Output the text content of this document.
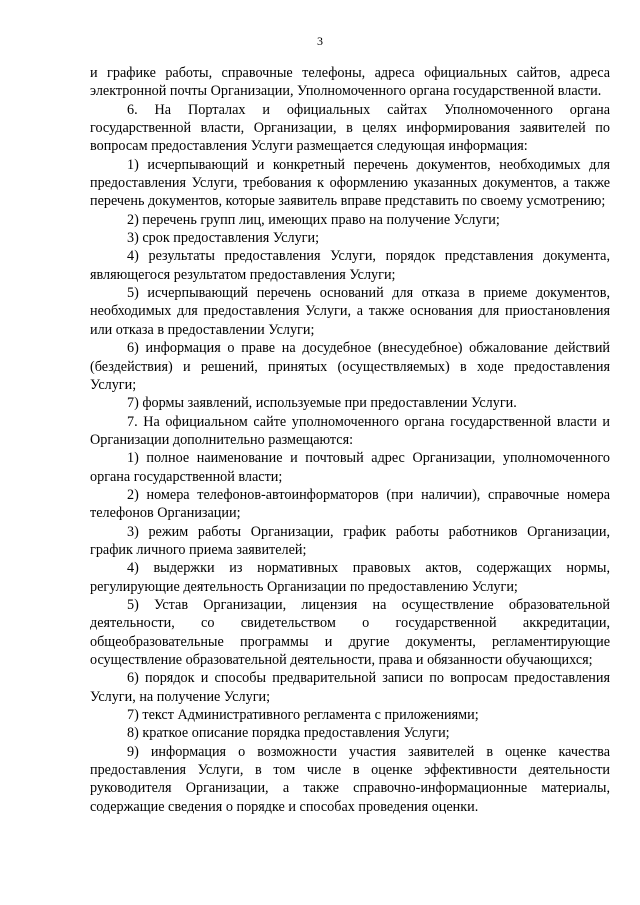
3

и графике работы, справочные телефоны, адреса официальных сайтов, адреса электронной почты Организации, Уполномоченного органа государственной власти.

6. На Порталах и официальных сайтах Уполномоченного органа государственной власти, Организации, в целях информирования заявителей по вопросам предоставления Услуги размещается следующая информация:

1) исчерпывающий и конкретный перечень документов, необходимых для предоставления Услуги, требования к оформлению указанных документов, а также перечень документов, которые заявитель вправе представить по своему усмотрению;

2) перечень групп лиц, имеющих право на получение Услуги;

3) срок предоставления Услуги;

4) результаты предоставления Услуги, порядок представления документа, являющегося результатом предоставления Услуги;

5) исчерпывающий перечень оснований для отказа в приеме документов, необходимых для предоставления Услуги, а также основания для приостановления или отказа в предоставлении Услуги;

6) информация о праве на досудебное (внесудебное) обжалование действий (бездействия) и решений, принятых (осуществляемых) в ходе предоставления Услуги;

7) формы заявлений, используемые при предоставлении Услуги.

7. На официальном сайте уполномоченного органа государственной власти и Организации дополнительно размещаются:

1) полное наименование и почтовый адрес Организации, уполномоченного органа государственной власти;

2) номера телефонов-автоинформаторов (при наличии), справочные номера телефонов Организации;

3) режим работы Организации, график работы работников Организации, график личного приема заявителей;

4) выдержки из нормативных правовых актов, содержащих нормы, регулирующие деятельность Организации по предоставлению Услуги;

5) Устав Организации, лицензия на осуществление образовательной деятельности, со свидетельством о государственной аккредитации, общеобразовательные программы и другие документы, регламентирующие осуществление образовательной деятельности, права и обязанности обучающихся;

6) порядок и способы предварительной записи по вопросам предоставления Услуги, на получение Услуги;

7) текст Административного регламента с приложениями;

8) краткое описание порядка предоставления Услуги;

9) информация о возможности участия заявителей в оценке качества предоставления Услуги, в том числе в оценке эффективности деятельности руководителя Организации, а также справочно-информационные материалы, содержащие сведения о порядке и способах проведения оценки.
